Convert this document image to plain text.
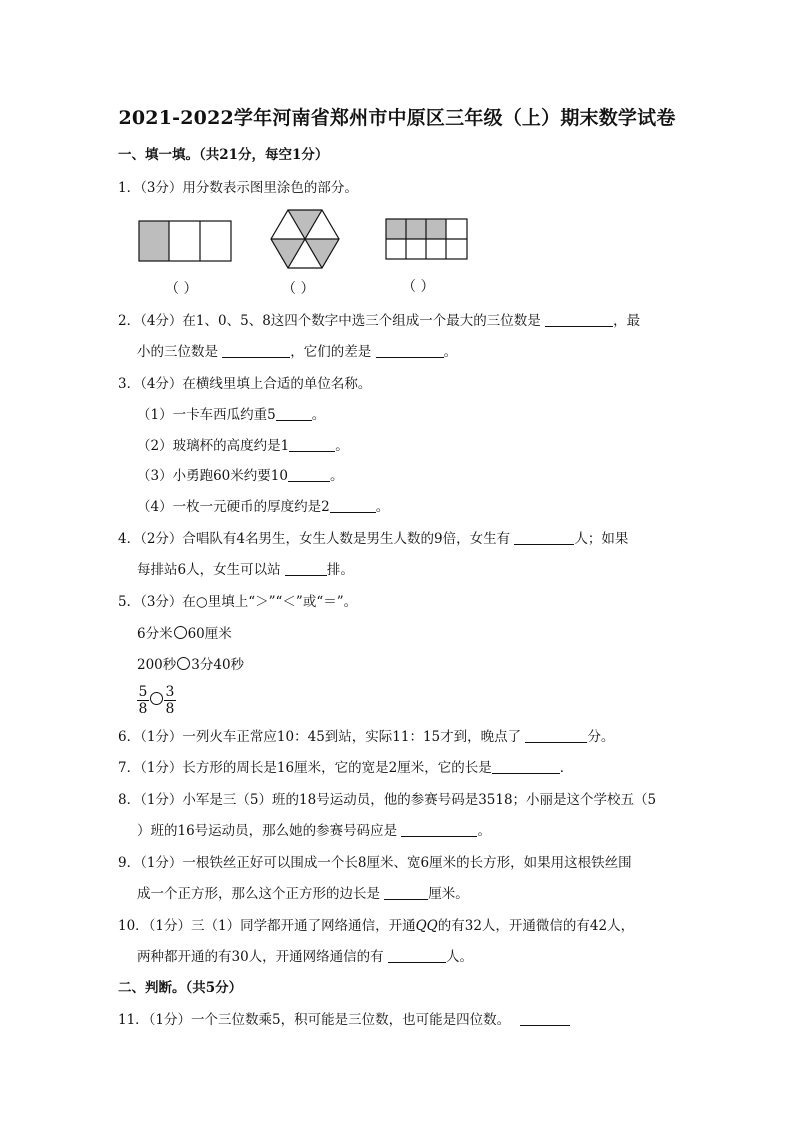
2021-2022学年河南省郑州市中原区三年级（上）期末数学试卷
一、填一填。（共21分，每空1分）
1．（3分）用分数表示图里涂色的部分。
（ ）	（ ）	（ ）
2．（4分）在1、0、5、8这四个数字中选三个组成一个最大的三位数是	，最
小的三位数是	，它们的差是	。
3．（4分）在横线里填上合适的单位名称。
（1）一卡车西瓜约重5	。
（2）玻璃杯的高度约是1	。
（3）小勇跑60米约要10	。
（4）一枚一元硬币的厚度约是2	。
4．（2分）合唱队有4名男生，女生人数是男生人数的9倍，女生有	人；如果
每排站6人，女生可以站	排。
5．（3分）在○里填上“＞”“＜”或“＝”。
6分米 60厘米
200秒 3分40秒
$\frac{5}{8} \frac{3}{8}$
6．（1分）一列火车正常应10：45到站，实际11：15才到，晚点了	分。
7．（1分）长方形的周长是16厘米，它的宽是2厘米，它的长是	．
8．（1分）小军是三（5）班的18号运动员，他的参赛号码是3518；小丽是这个学校五（5
）班的16号运动员，那么她的参赛号码应是	。
9．（1分）一根铁丝正好可以围成一个长8厘米、宽6厘米的长方形，如果用这根铁丝围
成一个正方形，那么这个正方形的边长是	厘米。
10．（1分）三（1）同学都开通了网络通信，开通QQ的有32人，开通微信的有42人，
两种都开通的有30人，开通网络通信的有	人。
二、判断。（共5分）
11．（1分）一个三位数乘5，积可能是三位数，也可能是四位数。
